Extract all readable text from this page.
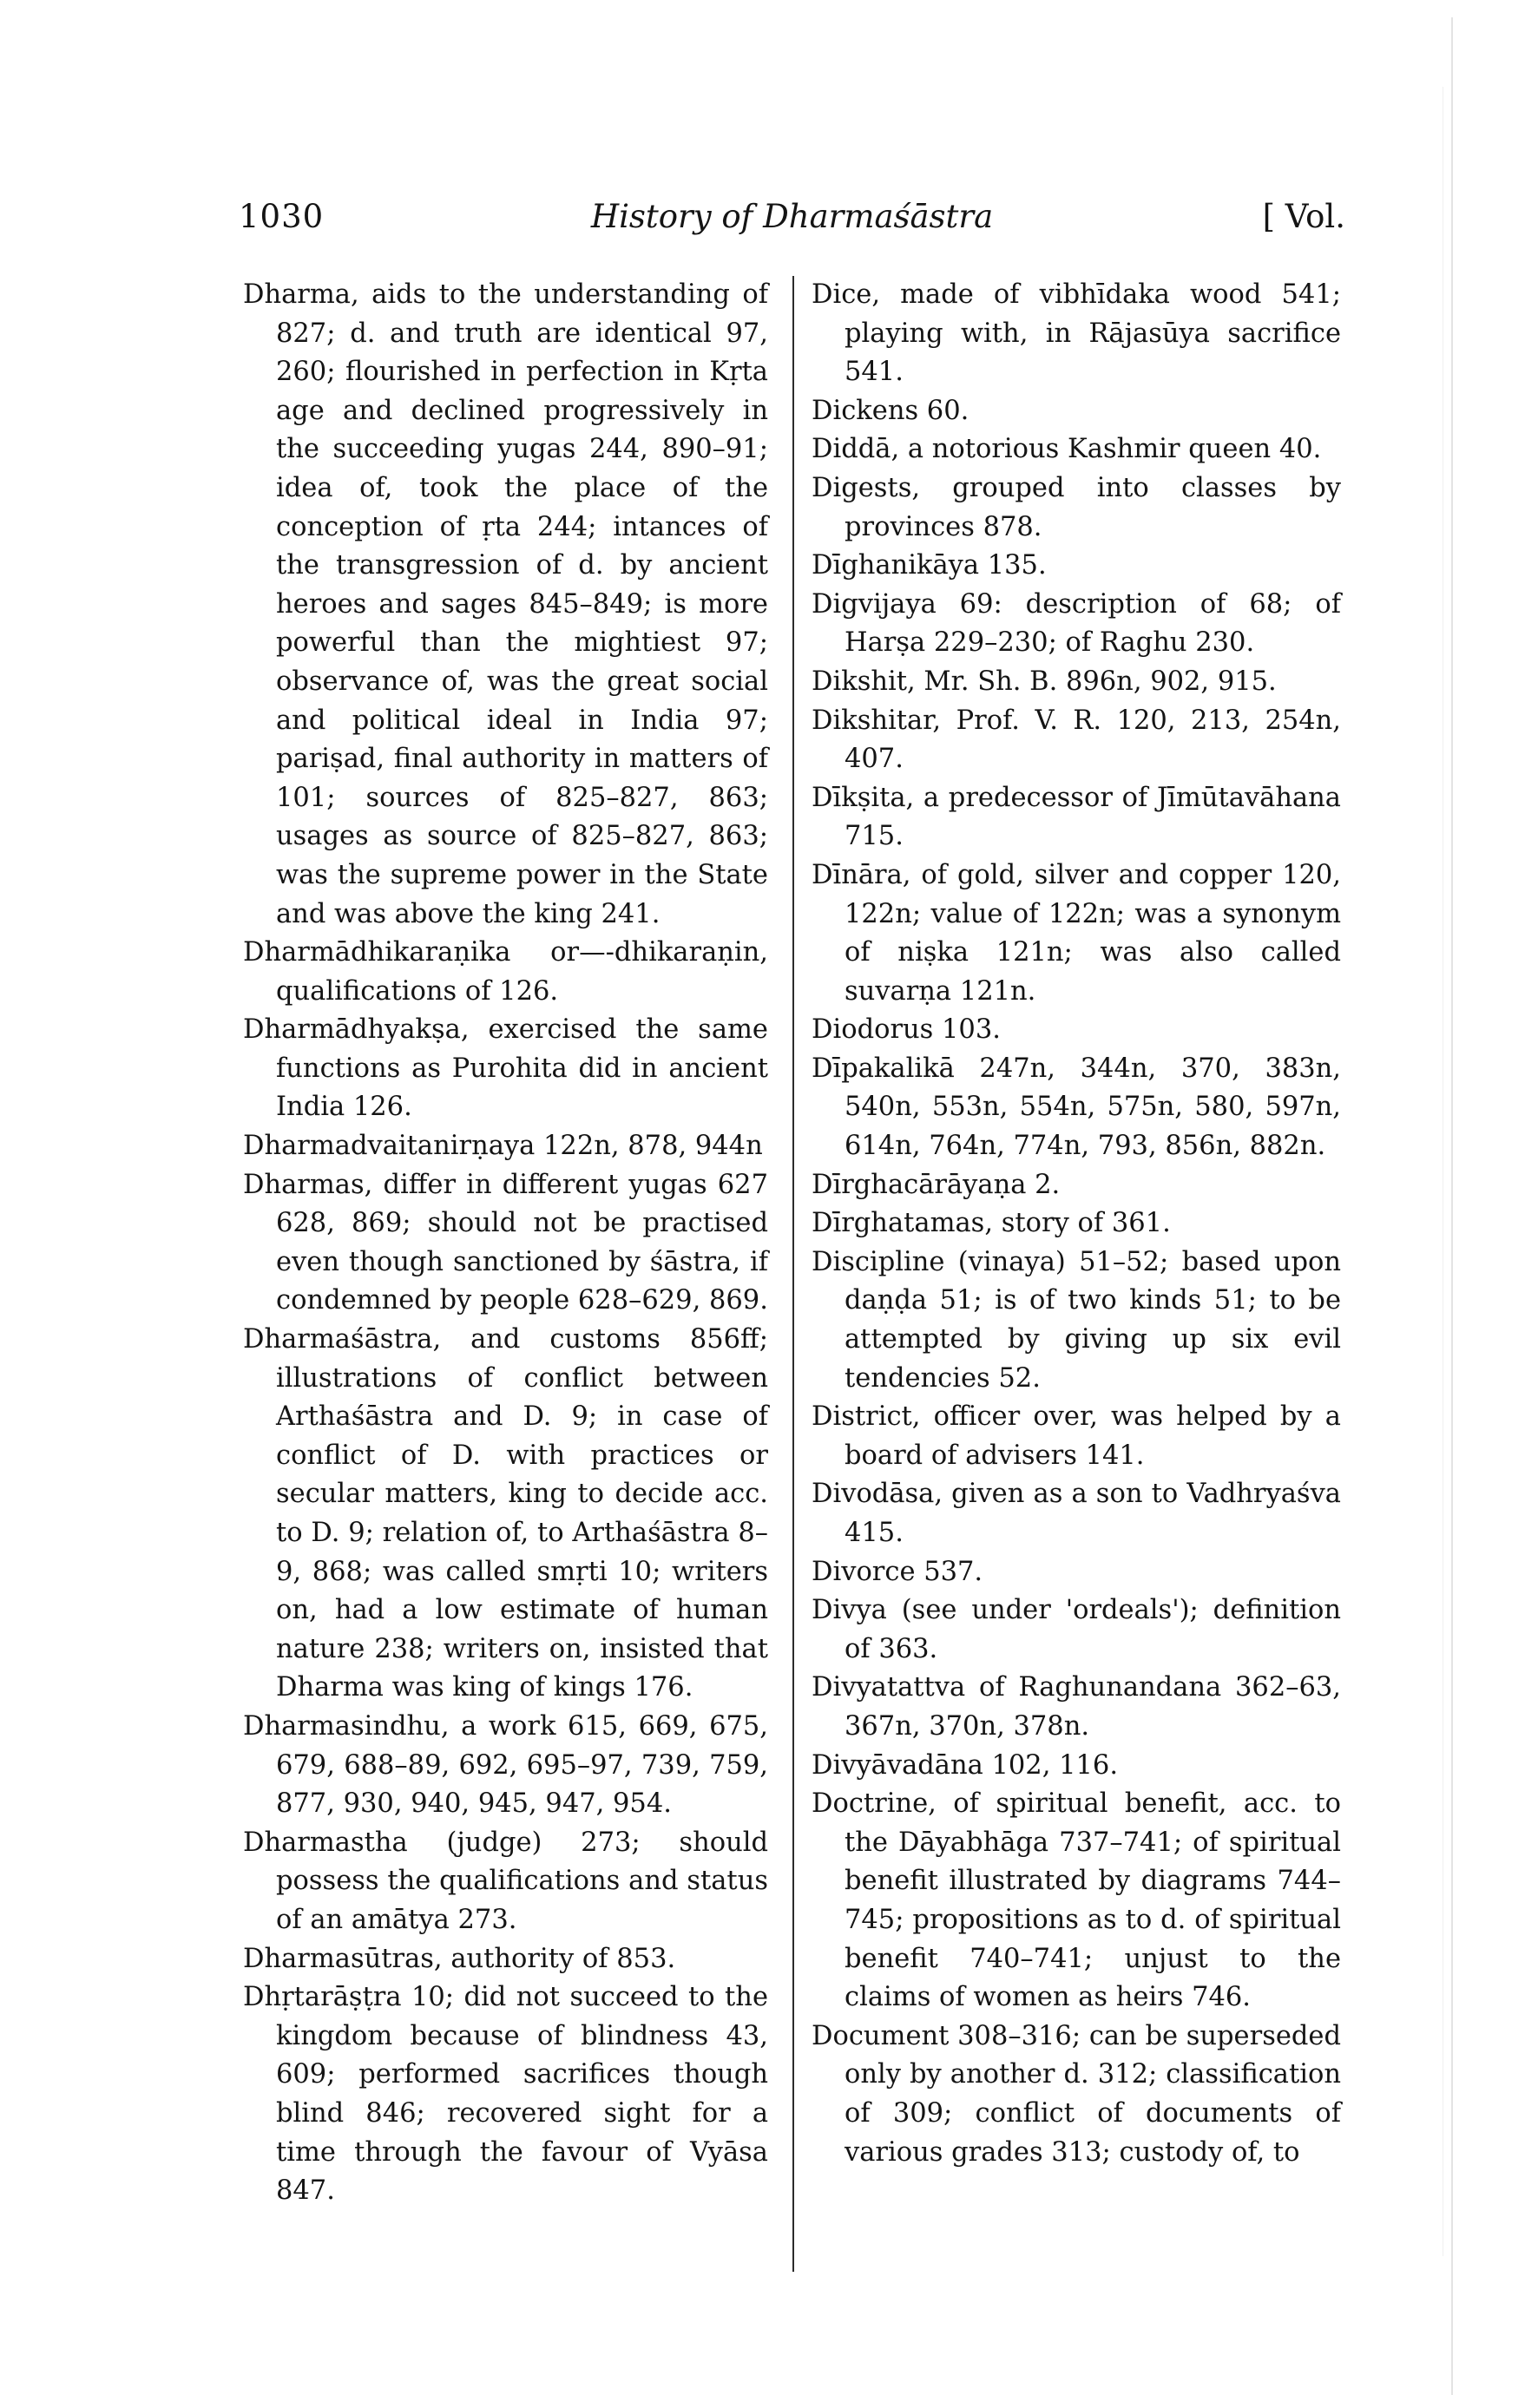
1030	History of Dharmaśāstra	[ Vol.
Dharma, aids to the understanding of 827; d. and truth are identical 97, 260; flourished in perfection in Kṛta age and declined progressively in the succeeding yugas 244, 890–91; idea of, took the place of the conception of ṛta 244; intances of the transgression of d. by ancient heroes and sages 845–849; is more powerful than the mightiest 97; observance of, was the great social and political ideal in India 97; pariṣad, final authority in matters of 101; sources of 825–827, 863; usages as source of 825–827, 863; was the supreme power in the State and was above the king 241.
Dharmādhikaraṇika or—-dhikaraṇin, qualifications of 126.
Dharmādhyakṣa, exercised the same functions as Purohita did in ancient India 126.
Dharmadvaitanirṇaya 122n, 878, 944n
Dharmas, differ in different yugas 627 628, 869; should not be practised even though sanctioned by śāstra, if condemned by people 628–629, 869.
Dharmaśāstra, and customs 856ff; illustrations of conflict between Arthaśāstra and D. 9; in case of conflict of D. with practices or secular matters, king to decide acc. to D. 9; relation of, to Arthaśāstra 8–9, 868; was called smṛti 10; writers on, had a low estimate of human nature 238; writers on, insisted that Dharma was king of kings 176.
Dharmasindhu, a work 615, 669, 675, 679, 688–89, 692, 695–97, 739, 759, 877, 930, 940, 945, 947, 954.
Dharmastha (judge) 273; should possess the qualifications and status of an amātya 273.
Dharmasūtras, authority of 853.
Dhṛtarāṣṭra 10; did not succeed to the kingdom because of blindness 43, 609; performed sacrifices though blind 846; recovered sight for a time through the favour of Vyāsa 847.
Dice, made of vibhīdaka wood 541; playing with, in Rājasūya sacrifice 541.
Dickens 60.
Diddā, a notorious Kashmir queen 40.
Digests, grouped into classes by provinces 878.
Dīghanikāya 135.
Digvijaya 69: description of 68; of Harṣa 229–230; of Raghu 230.
Dikshit, Mr. Sh. B. 896n, 902, 915.
Dikshitar, Prof. V. R. 120, 213, 254n, 407.
Dīkṣita, a predecessor of Jīmūtavāhana 715.
Dīnāra, of gold, silver and copper 120, 122n; value of 122n; was a synonym of niṣka 121n; was also called suvarṇa 121n.
Diodorus 103.
Dīpakalikā 247n, 344n, 370, 383n, 540n, 553n, 554n, 575n, 580, 597n, 614n, 764n, 774n, 793, 856n, 882n.
Dīrghacārāyaṇa 2.
Dīrghatamas, story of 361.
Discipline (vinaya) 51–52; based upon daṇḍa 51; is of two kinds 51; to be attempted by giving up six evil tendencies 52.
District, officer over, was helped by a board of advisers 141.
Divodāsa, given as a son to Vadhryaśva 415.
Divorce 537.
Divya (see under 'ordeals'); definition of 363.
Divyatattva of Raghunandana 362–63, 367n, 370n, 378n.
Divyāvadāna 102, 116.
Doctrine, of spiritual benefit, acc. to the Dāyabhāga 737–741; of spiritual benefit illustrated by diagrams 744–745; propositions as to d. of spiritual benefit 740–741; unjust to the claims of women as heirs 746.
Document 308–316; can be superseded only by another d. 312; classification of 309; conflict of documents of various grades 313; custody of, to
